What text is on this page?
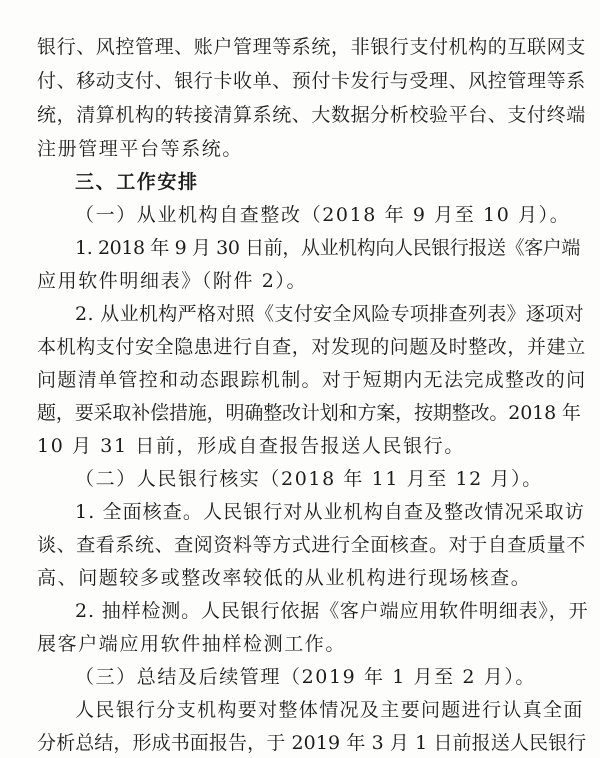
银行、风控管理、账户管理等系统，非银行支付机构的互联网支
付、移动支付、银行卡收单、预付卡发行与受理、风控管理等系
统，清算机构的转接清算系统、大数据分析校验平台、支付终端
注册管理平台等系统。
三、工作安排
（一）从业机构自查整改（2018 年 9 月至 10 月）。
1. 2018 年 9 月 30 日前，从业机构向人民银行报送《客户端
应用软件明细表》（附件 2）。
2. 从业机构严格对照《支付安全风险专项排查列表》逐项对
本机构支付安全隐患进行自查，对发现的问题及时整改，并建立
问题清单管控和动态跟踪机制。对于短期内无法完成整改的问
题，要采取补偿措施，明确整改计划和方案，按期整改。2018 年
10 月 31 日前，形成自查报告报送人民银行。
（二）人民银行核实（2018 年 11 月至 12 月）。
1. 全面核查。人民银行对从业机构自查及整改情况采取访
谈、查看系统、查阅资料等方式进行全面核查。对于自查质量不
高、问题较多或整改率较低的从业机构进行现场核查。
2. 抽样检测。人民银行依据《客户端应用软件明细表》，开
展客户端应用软件抽样检测工作。
（三）总结及后续管理（2019 年 1 月至 2 月）。
人民银行分支机构要对整体情况及主要问题进行认真全面
分析总结，形成书面报告，于 2019 年 3 月 1 日前报送人民银行
